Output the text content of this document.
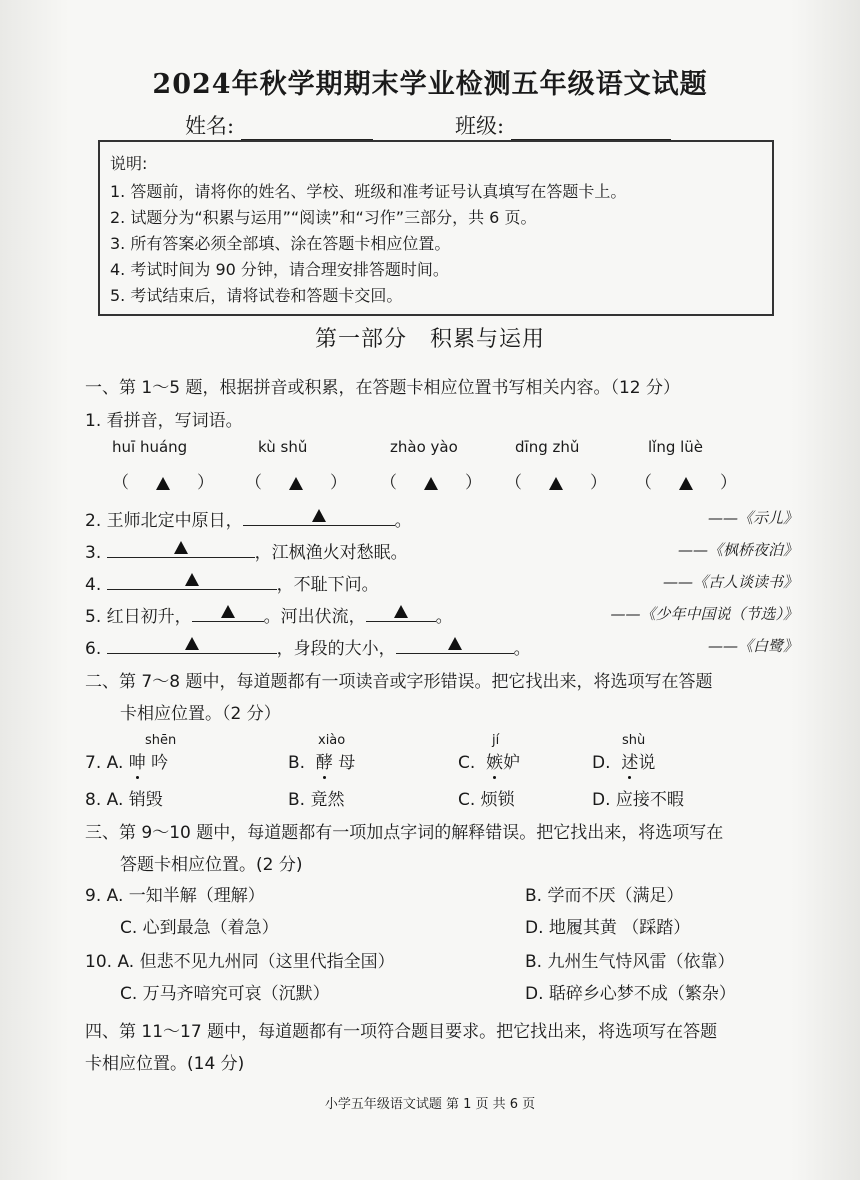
2024年秋学期期末学业检测五年级语文试题
姓名:	班级:
说明:
1. 答题前，请将你的姓名、学校、班级和准考证号认真填写在答题卡上。
2. 试题分为“积累与运用”“阅读”和“习作”三部分，共 6 页。
3. 所有答案必须全部填、涂在答题卡相应位置。
4. 考试时间为 90 分钟，请合理安排答题时间。
5. 考试结束后，请将试卷和答题卡交回。
第一部分　积累与运用
一、第 1～5 题，根据拼音或积累，在答题卡相应位置书写相关内容。（12 分）
1. 看拼音，写词语。
huī huáng	kù shǔ	zhào yào	dīng zhǔ	lǐng lüè
（          ） （          ） （          ） （          ） （          ）
2. 王师北定中原日，	。	——《示儿》
3.	，江枫渔火对愁眠。	——《枫桥夜泊》
4.	，不耻下问。	——《古人谈读书》
5. 红日初升，	。河出伏流，	。	——《少年中国说（节选）》
6.	，身段的大小，	。	——《白鹭》
二、第 7～8 题中，每道题都有一项读音或字形错误。把它找出来，将选项写在答题
卡相应位置。（2 分）
shēn	xiào	jí	shù
7. A. 呻 吟	B. 酵 母	C. 嫉妒	D. 述说
8. A. 销毁	B. 竟然	C. 烦锁	D. 应接不暇
三、第 9～10 题中，每道题都有一项加点字词的解释错误。把它找出来，将选项写在
答题卡相应位置。(2 分)
9. A. 一知半解（理解）	B. 学而不厌（满足）
C. 心到最急（着急）	D. 地履其黄 （踩踏）
10. A. 但悲不见九州同（这里代指全国）	B. 九州生气恃风雷（依靠）
C. 万马齐喑究可哀（沉默）	D. 聒碎乡心梦不成（繁杂）
四、第 11～17 题中，每道题都有一项符合题目要求。把它找出来，将选项写在答题
卡相应位置。(14 分)
小学五年级语文试题 第 1 页 共 6 页
